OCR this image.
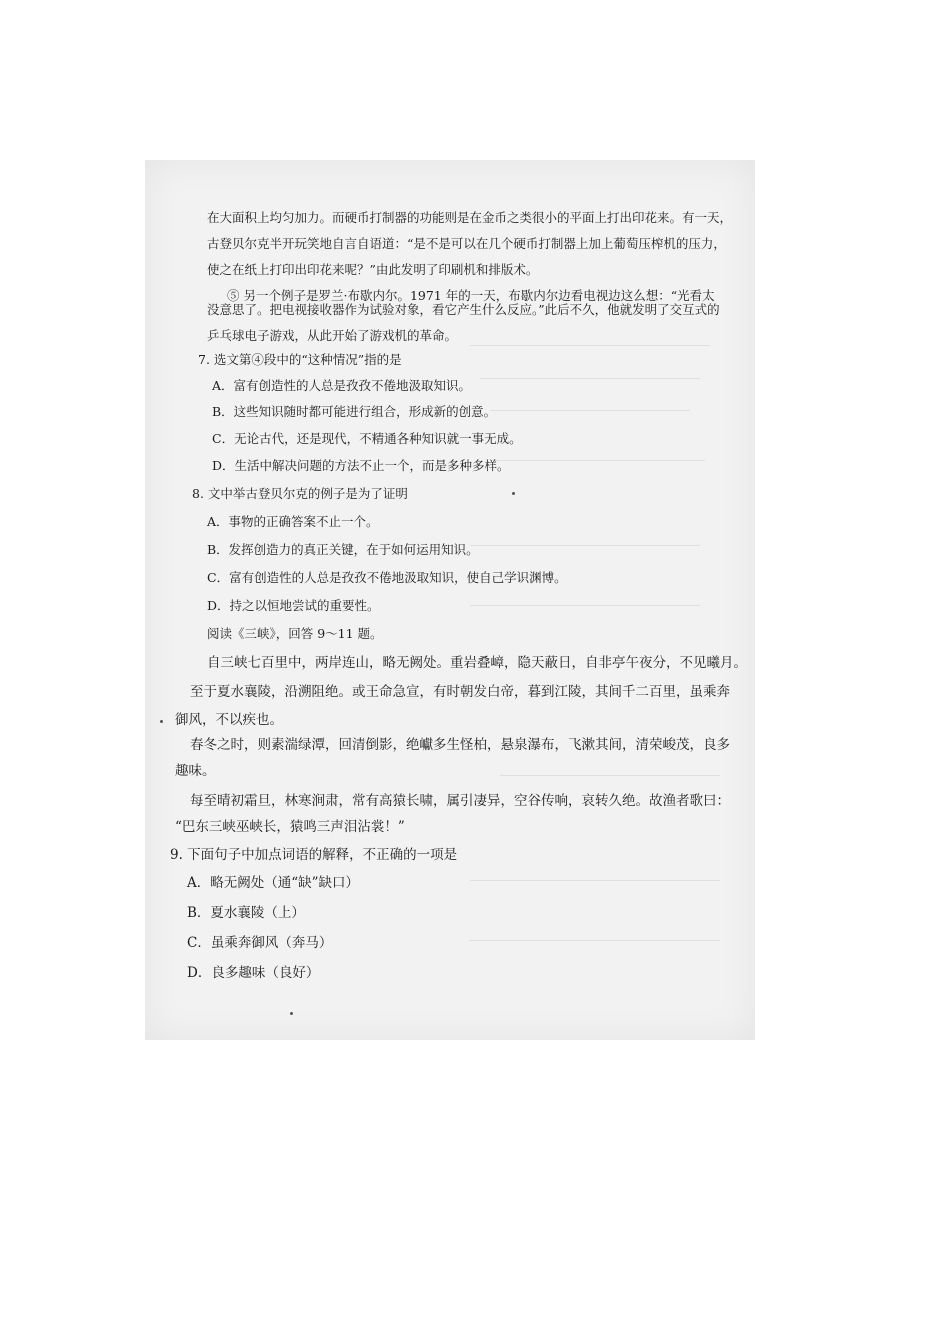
在大面积上均匀加力。而硬币打制器的功能则是在金币之类很小的平面上打出印花来。有一天，
古登贝尔克半开玩笑地自言自语道：“是不是可以在几个硬币打制器上加上葡萄压榨机的压力，
使之在纸上打印出印花来呢？”由此发明了印刷机和排版术。
⑤ 另一个例子是罗兰·布歇内尔。1971 年的一天，布歇内尔边看电视边这么想：“光看太
没意思了。把电视接收器作为试验对象，看它产生什么反应。”此后不久，他就发明了交互式的
乒乓球电子游戏，从此开始了游戏机的革命。
7. 选文第④段中的“这种情况”指的是
A．富有创造性的人总是孜孜不倦地汲取知识。
B．这些知识随时都可能进行组合，形成新的创意。
C．无论古代，还是现代，不精通各种知识就一事无成。
D．生活中解决问题的方法不止一个，而是多种多样。
8. 文中举古登贝尔克的例子是为了证明
A．事物的正确答案不止一个。
B．发挥创造力的真正关键，在于如何运用知识。
C．富有创造性的人总是孜孜不倦地汲取知识，使自己学识渊博。
D．持之以恒地尝试的重要性。
阅读《三峡》，回答 9～11 题。
自三峡七百里中，两岸连山，略无阙处。重岩叠嶂，隐天蔽日，自非亭午夜分，不见曦月。
至于夏水襄陵，沿溯阻绝。或王命急宣，有时朝发白帝，暮到江陵，其间千二百里，虽乘奔
御风，不以疾也。
春冬之时，则素湍绿潭，回清倒影，绝巘多生怪柏，悬泉瀑布，飞漱其间，清荣峻茂，良多
趣味。
每至晴初霜旦，林寒涧肃，常有高猿长啸，属引凄异，空谷传响，哀转久绝。故渔者歌曰：
“巴东三峡巫峡长，猿鸣三声泪沾裳！”
9. 下面句子中加点词语的解释，不正确的一项是
A．略无阙处（通“缺”缺口）
B．夏水襄陵（上）
C．虽乘奔御风（奔马）
D．良多趣味（良好）
